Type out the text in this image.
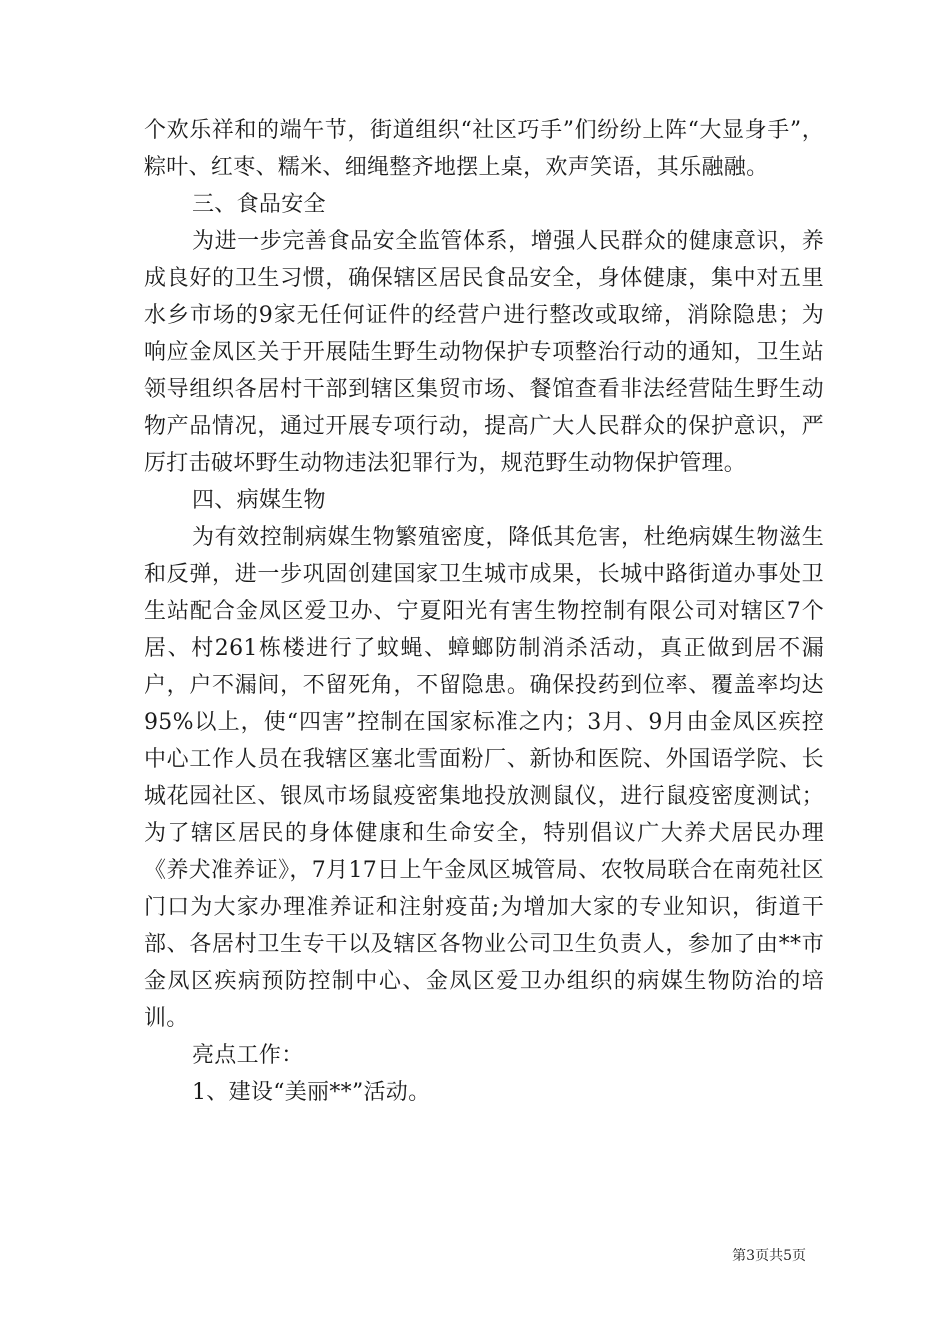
个欢乐祥和的端午节，街道组织“社区巧手”们纷纷上阵“大显身手”，粽叶、红枣、糯米、细绳整齐地摆上桌，欢声笑语，其乐融融。

三、食品安全

为进一步完善食品安全监管体系，增强人民群众的健康意识，养成良好的卫生习惯，确保辖区居民食品安全，身体健康，集中对五里水乡市场的9家无任何证件的经营户进行整改或取缔，消除隐患；为响应金凤区关于开展陆生野生动物保护专项整治行动的通知，卫生站领导组织各居村干部到辖区集贸市场、餐馆查看非法经营陆生野生动物产品情况，通过开展专项行动，提高广大人民群众的保护意识，严厉打击破坏野生动物违法犯罪行为，规范野生动物保护管理。

四、病媒生物

为有效控制病媒生物繁殖密度，降低其危害，杜绝病媒生物滋生和反弹，进一步巩固创建国家卫生城市成果，长城中路街道办事处卫生站配合金凤区爱卫办、宁夏阳光有害生物控制有限公司对辖区7个居、村261栋楼进行了蚊蝇、蟑螂防制消杀活动，真正做到居不漏户，户不漏间，不留死角，不留隐患。确保投药到位率、覆盖率均达95%以上，使“四害”控制在国家标准之内；3月、9月由金凤区疾控中心工作人员在我辖区塞北雪面粉厂、新协和医院、外国语学院、长城花园社区、银凤市场鼠疫密集地投放测鼠仪，进行鼠疫密度测试；为了辖区居民的身体健康和生命安全，特别倡议广大养犬居民办理《养犬准养证》，7月17日上午金凤区城管局、农牧局联合在南苑社区门口为大家办理准养证和注射疫苗;为增加大家的专业知识，街道干部、各居村卫生专干以及辖区各物业公司卫生负责人，参加了由**市金凤区疾病预防控制中心、金凤区爱卫办组织的病媒生物防治的培训。

亮点工作：

1、建设“美丽**”活动。

第3页共5页
